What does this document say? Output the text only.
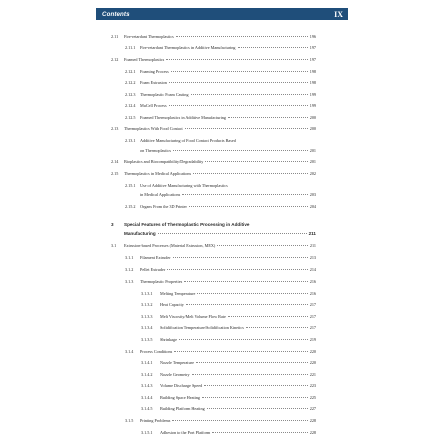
Contents	IX
2.11 Fire-retardant Thermoplastics	196
2.11.1 Fire-retardant Thermoplastics in Additive Manufacturing	197
2.12 Foamed Thermoplastics	197
2.12.1 Foaming Process	198
2.12.2 Foam Extrusion	198
2.12.3 Thermoplastic Foam Casting	199
2.12.4 MuCell Process	199
2.12.5 Foamed Thermoplastics in Additive Manufacturing	200
2.13 Thermoplastics With Food Contact	200
2.13.1 Additive Manufacturing of Food Contact Products Based
on Thermoplastics	201
2.14 Bioplastics and Biocompatibility/Degradability	201
2.15 Thermoplastics in Medical Applications	202
2.15.1 Use of Additive Manufacturing with Thermoplastics
in Medical Applications	203
2.15.2 Organs From the 3D Printer	204
3 Special Features of Thermoplastic Processing in Additive
Manufacturing	211
3.1 Extrusion-based Processes (Material Extrusion, MEX)	211
3.1.1 Filament Extruder	213
3.1.2 Pellet Extruder	214
3.1.3 Thermoplastic Properties	216
3.1.3.1 Melting Temperature	216
3.1.3.2 Heat Capacity	217
3.1.3.3 Melt Viscosity/Melt Volume Flow Rate	217
3.1.3.4 Solidification Temperature/Solidification Kinetics	217
3.1.3.5 Shrinkage	219
3.1.4 Process Conditions	220
3.1.4.1 Nozzle Temperature	220
3.1.4.2 Nozzle Geometry	221
3.1.4.3 Volume Discharge Speed	223
3.1.4.4 Building Space Heating	225
3.1.4.5 Building Platform Heating	227
3.1.5 Printing Problems	228
3.1.5.1 Adhesion to the Port Platform	228
